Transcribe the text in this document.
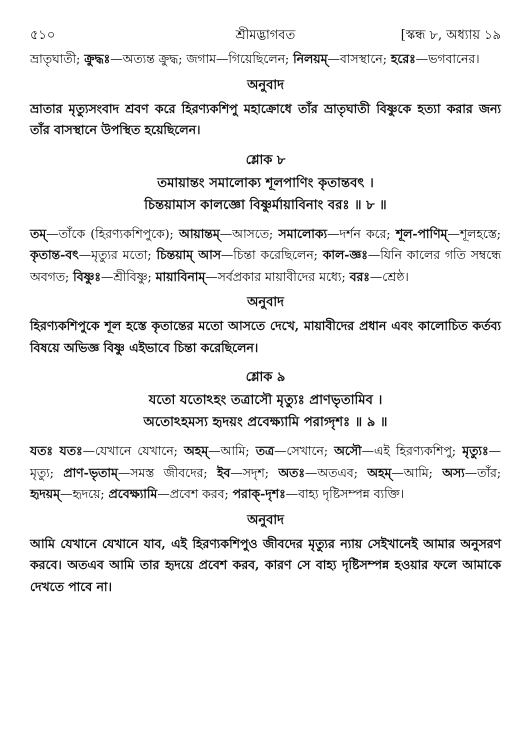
৫১০	শ্রীমদ্ভাগবত	[স্কন্ধ ৮, অধ্যায় ১৯

ভ্রাতৃঘাতী; ক্রুদ্ধঃ—অত্যন্ত ক্রুদ্ধ; জগাম—গিয়েছিলেন; নিলয়ম্—বাসস্থানে; হরেঃ—ভগবানের।

অনুবাদ

ভ্রাতার মৃত্যুসংবাদ শ্রবণ করে হিরণ্যকশিপু মহাক্রোধে তাঁর ভ্রাতৃঘাতী বিষ্ণুকে হত্যা করার জন্য তাঁর বাসস্থানে উপস্থিত হয়েছিলেন।

শ্লোক ৮

তমায়ান্তং সমালোক্য শূলপাণিং কৃতান্তবৎ ।

চিন্তয়ামাস কালজ্ঞো বিষ্ণুর্মায়াবিনাং বরঃ ॥ ৮ ॥

তম্—তাঁকে (হিরণ্যকশিপুকে); আয়ান্তম্—আসতে; সমালোক্য—দর্শন করে; শূল-পাণিম্—শূলহস্তে; কৃতান্ত-বৎ—মৃত্যুর মতো; চিন্তয়াম্ আস—চিন্তা করেছিলেন; কাল-জ্ঞঃ—যিনি কালের গতি সম্বন্ধে অবগত; বিষ্ণুঃ—শ্রীবিষ্ণু; মায়াবিনাম্—সর্বপ্রকার মায়াবীদের মধ্যে; বরঃ—শ্রেষ্ঠ।

অনুবাদ

হিরণ্যকশিপুকে শূল হস্তে কৃতান্তের মতো আসতে দেখে, মায়াবীদের প্রধান এবং কালোচিত কর্তব্য বিষয়ে অভিজ্ঞ বিষ্ণু এইভাবে চিন্তা করেছিলেন।

শ্লোক ৯

যতো যতোঽহং তত্রাসৌ মৃত্যুঃ প্রাণভৃতামিব ।

অতোঽহমস্য হৃদয়ং প্রবেক্ষ্যামি পরাগ্দৃশঃ ॥ ৯ ॥

যতঃ যতঃ—যেখানে যেখানে; অহম্—আমি; তত্র—সেখানে; অসৌ—এই হিরণ্যকশিপু; মৃত্যুঃ—মৃত্যু; প্রাণ-ভৃতাম্—সমস্ত জীবদের; ইব—সদৃশ; অতঃ—অতএব; অহম্—আমি; অস্য—তাঁর; হৃদয়ম্—হৃদয়ে; প্রবেক্ষ্যামি—প্রবেশ করব; পরাক্-দৃশঃ—বাহ্য দৃষ্টিসম্পন্ন ব্যক্তি।

অনুবাদ

আমি যেখানে যেখানে যাব, এই হিরণ্যকশিপুও জীবদের মৃত্যুর ন্যায় সেইখানেই আমার অনুসরণ করবে। অতএব আমি তার হৃদয়ে প্রবেশ করব, কারণ সে বাহ্য দৃষ্টিসম্পন্ন হওয়ার ফলে আমাকে দেখতে পাবে না।
